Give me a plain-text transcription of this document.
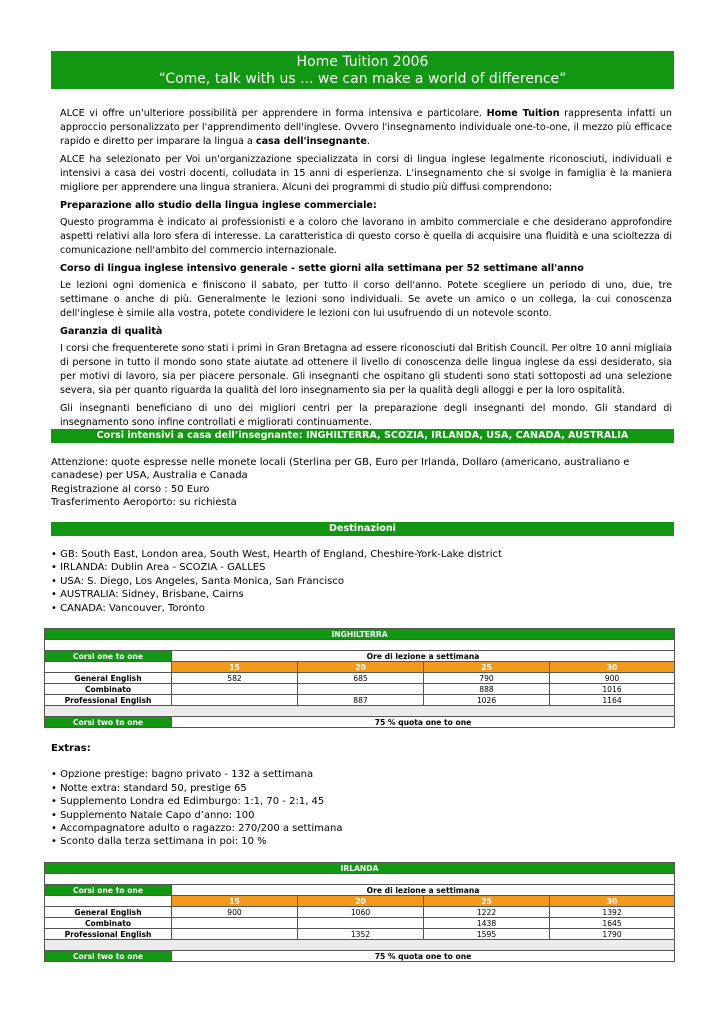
Home Tuition 2006
“Come, talk with us ... we can make a world of difference”

ALCE vi offre un'ulteriore possibilità per apprendere in forma intensiva e particolare. Home Tuition rappresenta infatti un approccio personalizzato per l'apprendimento dell'inglese. Ovvero l'insegnamento individuale one-to-one, il mezzo più efficace rapido e diretto per imparare la lingua a casa dell'insegnante.

ALCE ha selezionato per Voi un'organizzazione specializzata in corsi di lingua inglese legalmente riconosciuti, individuali e intensivi a casa dei vostri docenti, colludata in 15 anni di esperienza. L'insegnamento che si svolge in famiglia è la maniera migliore per apprendere una lingua straniera. Alcuni dei programmi di studio più diffusi comprendono:

Preparazione allo studio della lingua inglese commerciale:

Questo programma è indicato ai professionisti e a coloro che lavorano in ambito commerciale e che desiderano approfondire aspetti relativi alla loro sfera di interesse. La caratteristica di questo corso è quella di acquisire una fluidità e una scioltezza di comunicazione nell'ambito del commercio internazionale.

Corso di lingua inglese intensivo generale - sette giorni alla settimana per 52 settimane all'anno

Le lezioni ogni domenica e finiscono il sabato, per tutto il corso dell'anno. Potete scegliere un periodo di uno, due, tre settimane o anche di più. Generalmente le lezioni sono individuali. Se avete un amico o un collega, la cui conoscenza dell'inglese è simile alla vostra, potete condividere le lezioni con lui usufruendo di un notevole sconto.

Garanzia di qualità

I corsi che frequenterete sono stati i primi in Gran Bretagna ad essere riconosciuti dal British Council. Per oltre 10 anni migliaia di persone in tutto il mondo sono state aiutate ad ottenere il livello di conoscenza delle lingua inglese da essi desiderato, sia per motivi di lavoro, sia per piacere personale. Gli insegnanti che ospitano gli studenti sono stati sottoposti ad una selezione severa, sia per quanto riguarda la qualità del loro insegnamento sia per la qualità degli alloggi e per la loro ospitalità.

Gli insegnanti beneficiano di uno dei migliori centri per la preparazione degli insegnanti del mondo. Gli standard di insegnamento sono infine controllati e migliorati continuamente.

Corsi intensivi a casa dell’insegnante: INGHILTERRA, SCOZIA, IRLANDA, USA, CANADA, AUSTRALIA
Attenzione: quote espresse nelle monete locali (Sterlina per GB, Euro per Irlanda, Dollaro (americano, australiano e
canadese) per USA, Australia e Canada
Registrazione al corso : 50 Euro
Trasferimento Aeroporto: su richiesta
Destinazioni
• GB: South East, London area, South West, Hearth of England, Cheshire-York-Lake district
• IRLANDA: Dublin Area - SCOZIA - GALLES
• USA: S. Diego, Los Angeles, Santa Monica, San Francisco
• AUSTRALIA: Sidney, Brisbane, Cairns
• CANADA: Vancouver, Toronto
INGHILTERRA				

Corsi one to one	Ore di lezione a settimana			
	15	20	25	30
General English	582	685	790	900
Combinato			888	1016
Professional English		887	1026	1164

Corsi two to one	75 % quota one to one			
Extras:
• Opzione prestige: bagno privato - 132 a settimana
• Notte extra: standard 50, prestige 65
• Supplemento Londra ed Edimburgo: 1:1, 70 - 2:1, 45
• Supplemento Natale Capo d’anno: 100
• Accompagnatore adulto o ragazzo: 270/200 a settimana
• Sconto dalla terza settimana in poi: 10 %
IRLANDA				

Corsi one to one	Ore di lezione a settimana			
	15	20	25	30
General English	900	1060	1222	1392
Combinato			1438	1645
Professional English		1352	1595	1790

Corsi two to one	75 % quota one to one			
